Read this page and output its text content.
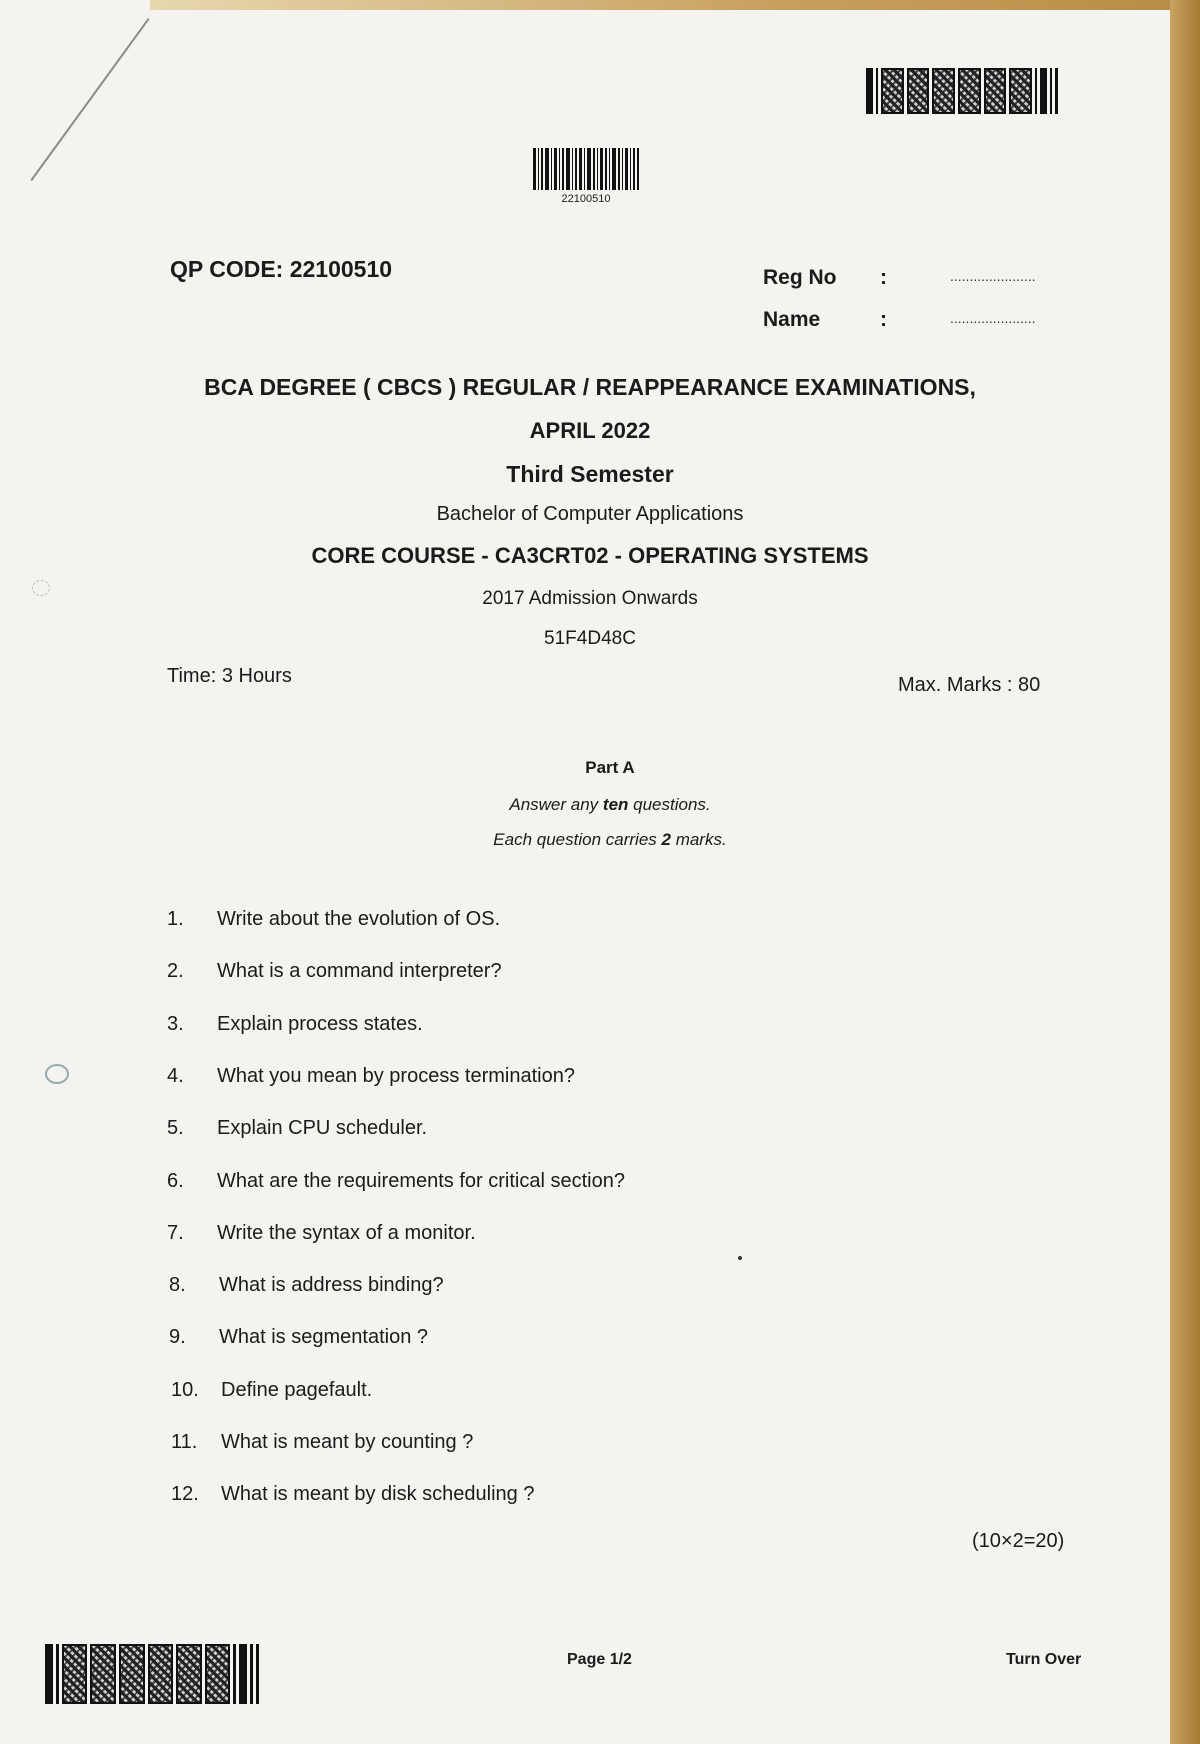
22100510
QP CODE: 22100510	Reg No :	......................
Name	:	......................
BCA DEGREE ( CBCS ) REGULAR / REAPPEARANCE EXAMINATIONS,
APRIL 2022
Third Semester
Bachelor of Computer Applications
CORE COURSE - CA3CRT02 - OPERATING SYSTEMS
2017 Admission Onwards
51F4D48C
Time: 3 Hours	Max. Marks : 80
Part A
Answer any ten questions.
Each question carries 2 marks.
1.	Write about the evolution of OS.
2.	What is a command interpreter?
3.	Explain process states.
4.	What you mean by process termination?
5.	Explain CPU scheduler.
6.	What are the requirements for critical section?
7.	Write the syntax of a monitor.
8.	What is address binding?
9.	What is segmentation ?
10.	Define pagefault.
11.	What is meant by counting ?
12.	What is meant by disk scheduling ?
(10×2=20)
Page 1/2	Turn Over
